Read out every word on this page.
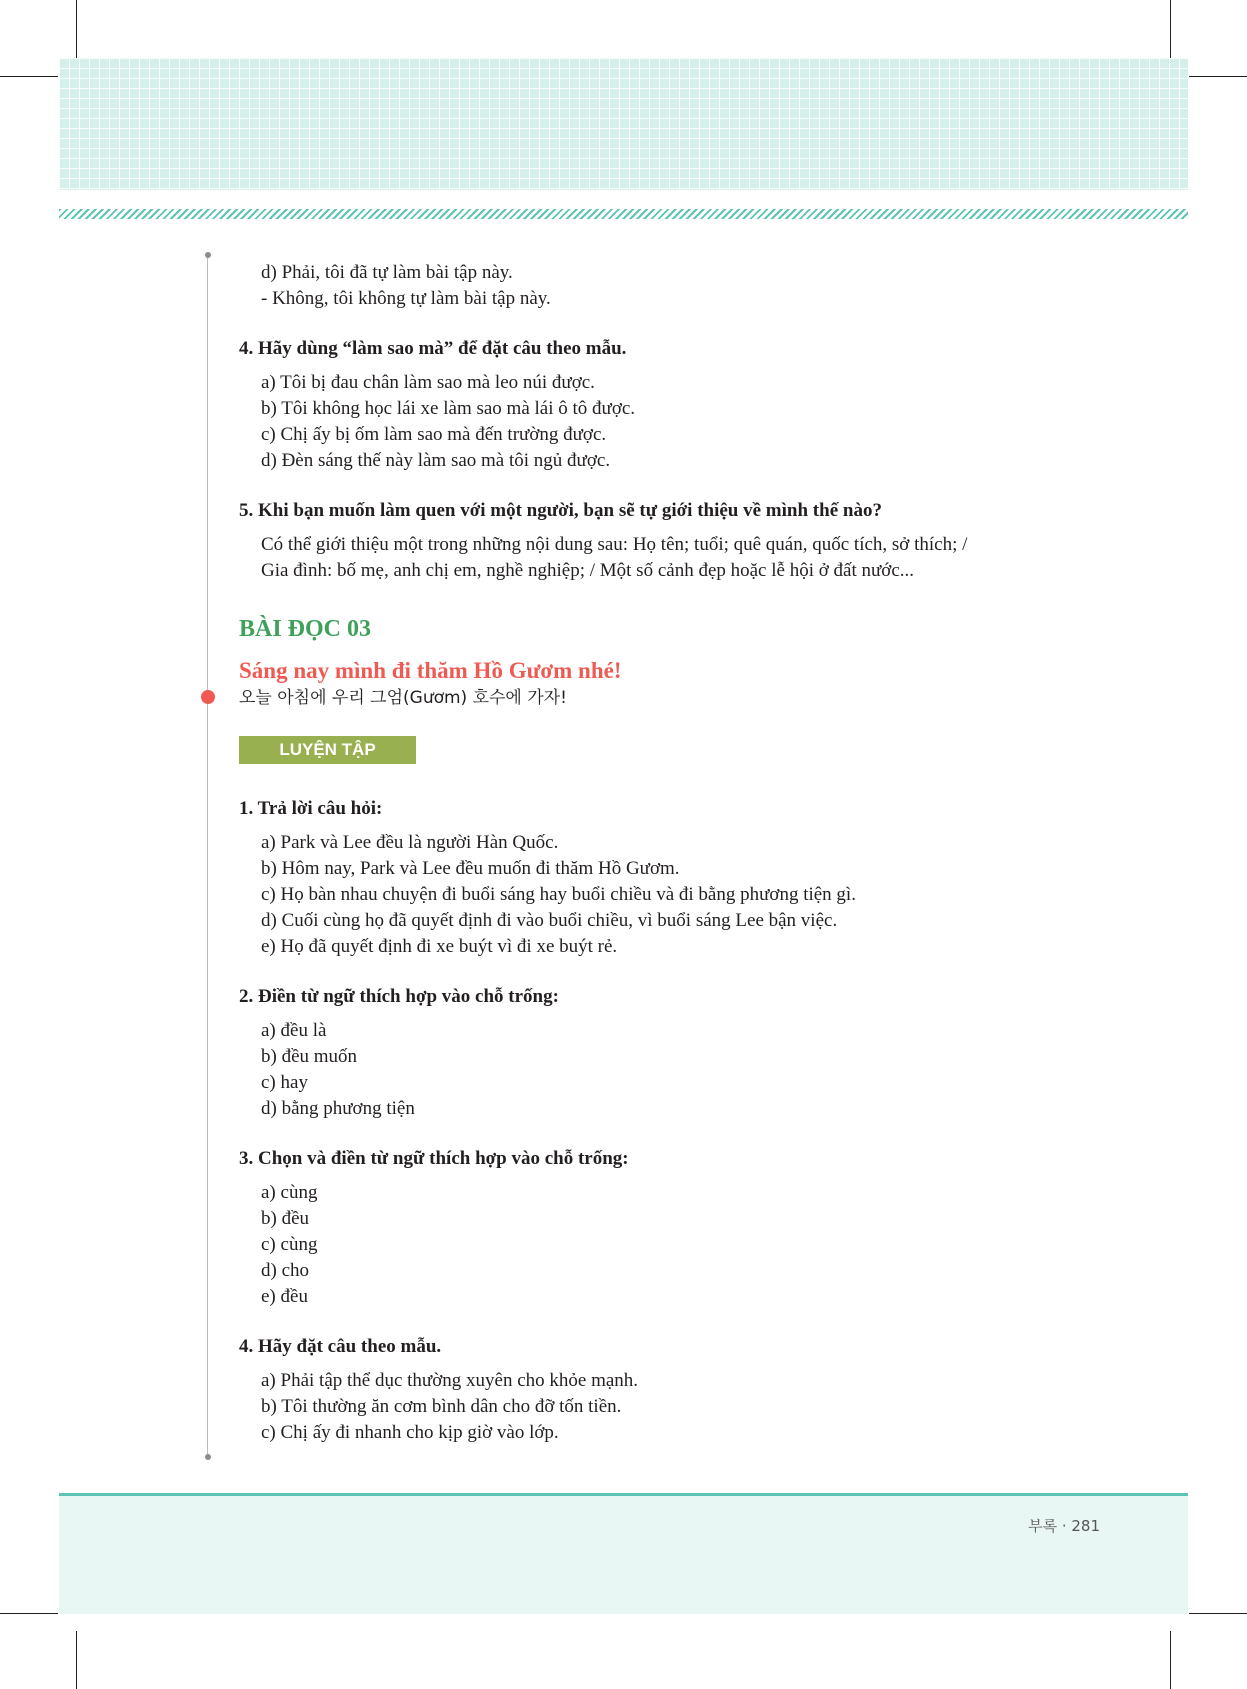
d) Phải, tôi đã tự làm bài tập này.

- Không, tôi không tự làm bài tập này.

4. Hãy dùng “làm sao mà” để đặt câu theo mẫu.

a) Tôi bị đau chân làm sao mà leo núi được.

b) Tôi không học lái xe làm sao mà lái ô tô được.

c) Chị ấy bị ốm làm sao mà đến trường được.

d) Đèn sáng thế này làm sao mà tôi ngủ được.

5. Khi bạn muốn làm quen với một người, bạn sẽ tự giới thiệu về mình thế nào?

Có thể giới thiệu một trong những nội dung sau: Họ tên; tuổi; quê quán, quốc tích, sở thích; /

Gia đình: bố mẹ, anh chị em, nghề nghiệp; / Một số cảnh đẹp hoặc lễ hội ở đất nước...

BÀI ĐỌC 03

Sáng nay mình đi thăm Hồ Gươm nhé!

오늘 아침에 우리 그엄(Gươm) 호수에 가자!

LUYỆN TẬP

1. Trả lời câu hỏi:

a) Park và Lee đều là người Hàn Quốc.

b) Hôm nay, Park và Lee đều muốn đi thăm Hồ Gươm.

c) Họ bàn nhau chuyện đi buổi sáng hay buổi chiều và đi bằng phương tiện gì.

d) Cuối cùng họ đã quyết định đi vào buổi chiều, vì buổi sáng Lee bận việc.

e) Họ đã quyết định đi xe buýt vì đi xe buýt rẻ.

2. Điền từ ngữ thích hợp vào chỗ trống:

a) đều là

b) đều muốn

c) hay

d) bằng phương tiện

3. Chọn và điền từ ngữ thích hợp vào chỗ trống:

a) cùng

b) đều

c) cùng

d) cho

e) đều

4. Hãy đặt câu theo mẫu.

a) Phải tập thể dục thường xuyên cho khỏe mạnh.

b) Tôi thường ăn cơm bình dân cho đỡ tốn tiền.

c) Chị ấy đi nhanh cho kịp giờ vào lớp.

부록 · 281
